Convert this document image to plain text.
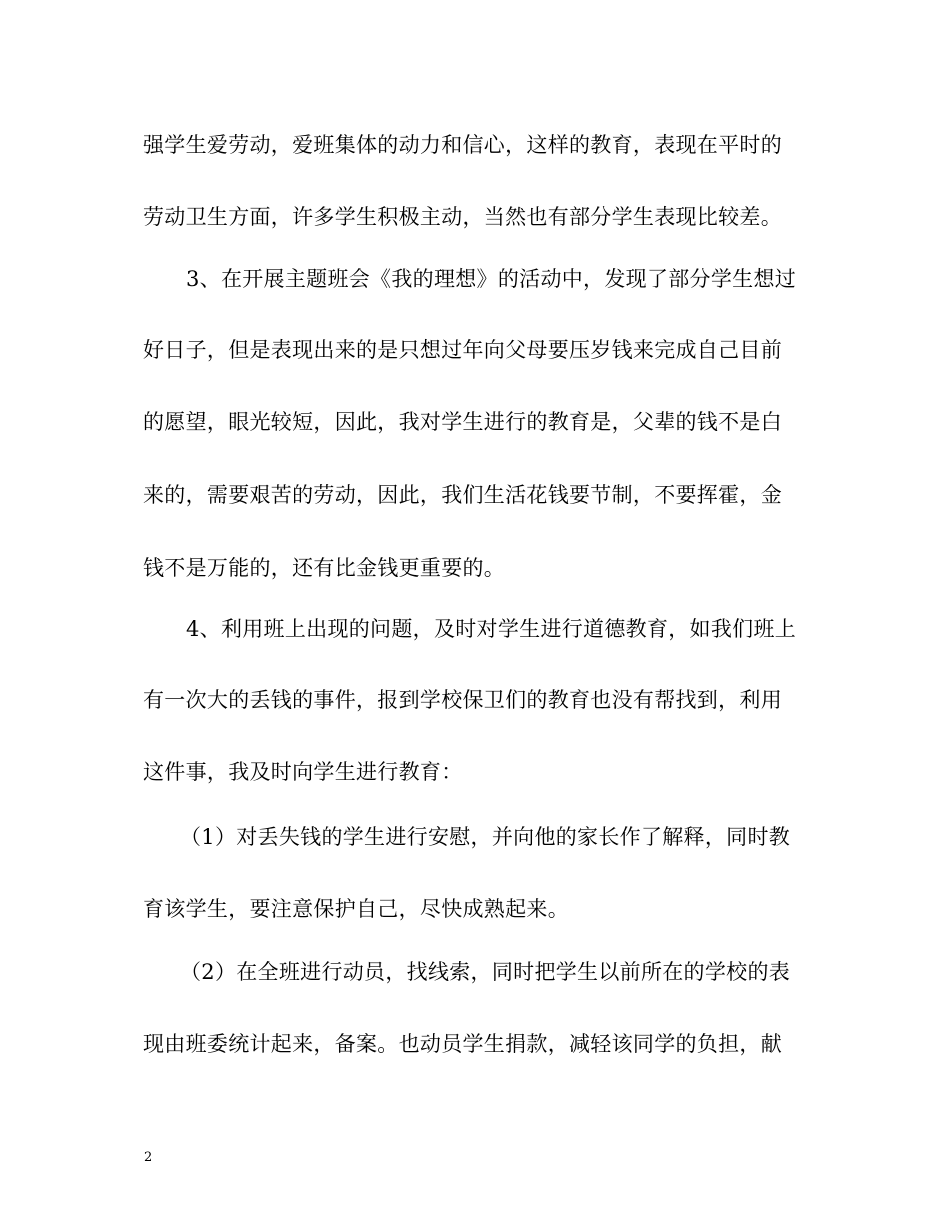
强学生爱劳动，爱班集体的动力和信心，这样的教育，表现在平时的
劳动卫生方面，许多学生积极主动，当然也有部分学生表现比较差。
3、在开展主题班会《我的理想》的活动中，发现了部分学生想过
好日子，但是表现出来的是只想过年向父母要压岁钱来完成自己目前
的愿望，眼光较短，因此，我对学生进行的教育是，父辈的钱不是白
来的，需要艰苦的劳动，因此，我们生活花钱要节制，不要挥霍，金
钱不是万能的，还有比金钱更重要的。
4、利用班上出现的问题，及时对学生进行道德教育，如我们班上
有一次大的丢钱的事件，报到学校保卫们的教育也没有帮找到，利用
这件事，我及时向学生进行教育：
（1）对丢失钱的学生进行安慰，并向他的家长作了解释，同时教
育该学生，要注意保护自己，尽快成熟起来。
（2）在全班进行动员，找线索，同时把学生以前所在的学校的表
现由班委统计起来，备案。也动员学生捐款，减轻该同学的负担，献
2
